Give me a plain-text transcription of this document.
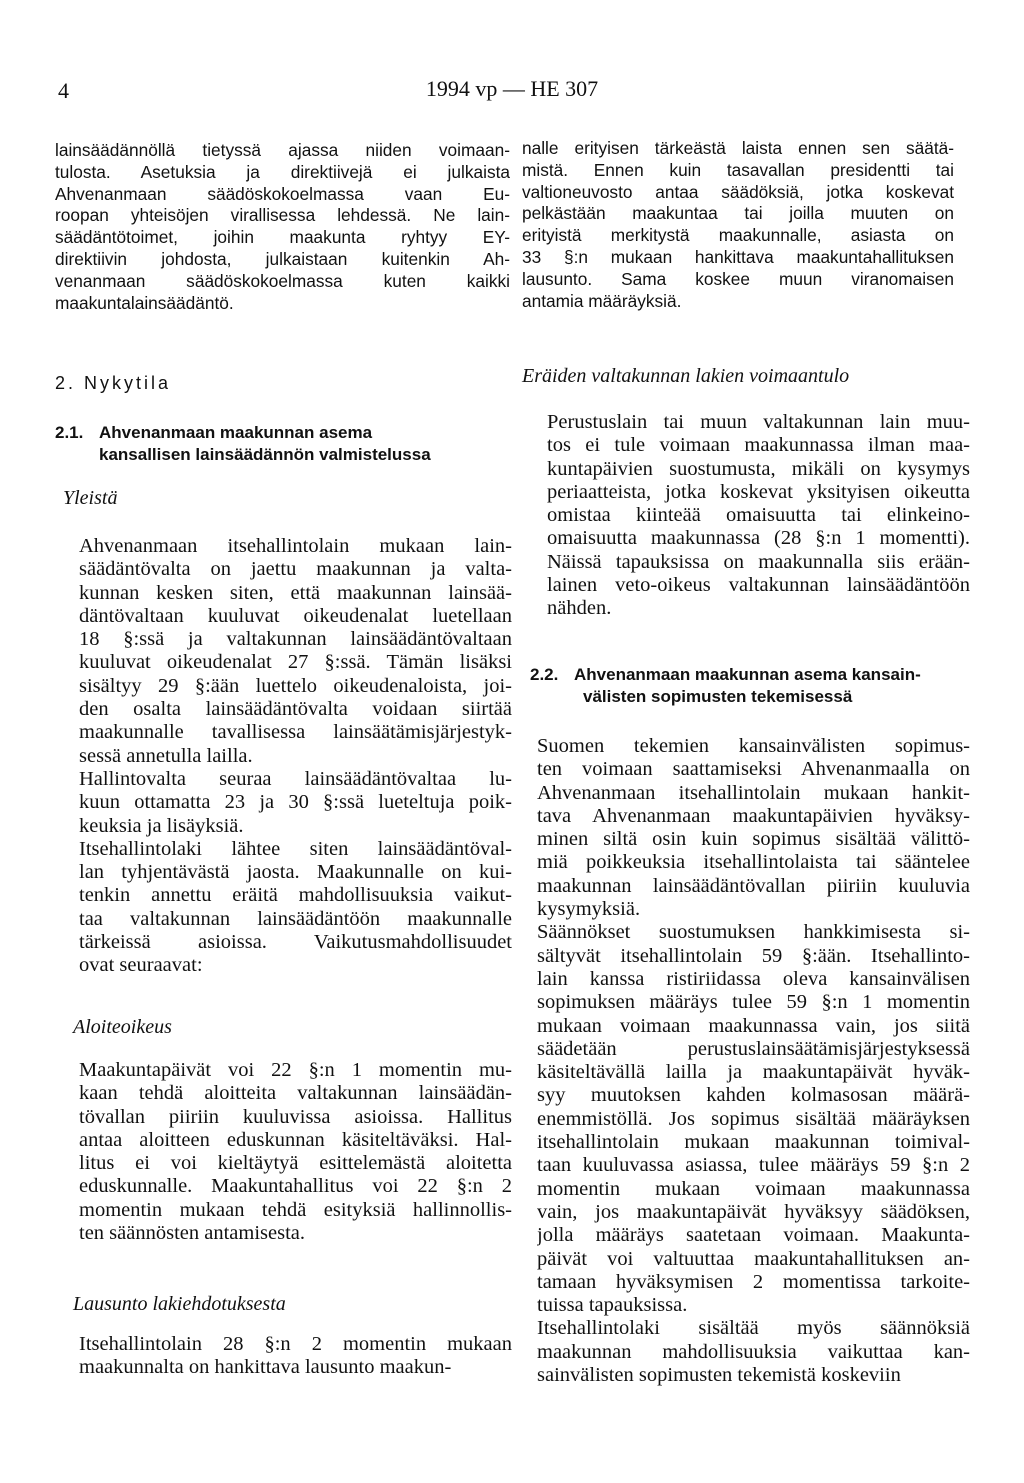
4	1994 vp — HE 307
lainsäädännöllä tietyssä ajassa niiden voimaan-
tulosta. Asetuksia ja direktiivejä ei julkaista
Ahvenanmaan säädöskokoelmassa vaan Eu-
roopan yhteisöjen virallisessa lehdessä. Ne lain-
säädäntötoimet, joihin maakunta ryhtyy EY-
direktiivin johdosta, julkaistaan kuitenkin Ah-
venanmaan säädöskokoelmassa kuten kaikki
maakuntalainsäädäntö.
2. Nykytila
2.1. Ahvenanmaan maakunnan asema
kansallisen lainsäädännön valmistelussa
Yleistä
Ahvenanmaan itsehallintolain mukaan lain-
säädäntövalta on jaettu maakunnan ja valta-
kunnan kesken siten, että maakunnan lainsää-
däntövaltaan kuuluvat oikeudenalat luetellaan
18 §:ssä ja valtakunnan lainsäädäntövaltaan
kuuluvat oikeudenalat 27 §:ssä. Tämän lisäksi
sisältyy 29 §:ään luettelo oikeudenaloista, joi-
den osalta lainsäädäntövalta voidaan siirtää
maakunnalle tavallisessa lainsäätämisjärjestyk-
sessä annetulla lailla.
Hallintovalta seuraa lainsäädäntövaltaa lu-
kuun ottamatta 23 ja 30 §:ssä lueteltuja poik-
keuksia ja lisäyksiä.
Itsehallintolaki lähtee siten lainsäädäntöval-
lan tyhjentävästä jaosta. Maakunnalle on kui-
tenkin annettu eräitä mahdollisuuksia vaikut-
taa valtakunnan lainsäädäntöön maakunnalle
tärkeissä asioissa. Vaikutusmahdollisuudet
ovat seuraavat:
Aloiteoikeus
Maakuntapäivät voi 22 §:n 1 momentin mu-
kaan tehdä aloitteita valtakunnan lainsäädän-
tövallan piiriin kuuluvissa asioissa. Hallitus
antaa aloitteen eduskunnan käsiteltäväksi. Hal-
litus ei voi kieltäytyä esittelemästä aloitetta
eduskunnalle. Maakuntahallitus voi 22 §:n 2
momentin mukaan tehdä esityksiä hallinnollis-
ten säännösten antamisesta.
Lausunto lakiehdotuksesta
Itsehallintolain 28 §:n 2 momentin mukaan
maakunnalta on hankittava lausunto maakun-
nalle erityisen tärkeästä laista ennen sen säätä-
mistä. Ennen kuin tasavallan presidentti tai
valtioneuvosto antaa säädöksiä, jotka koskevat
pelkästään maakuntaa tai joilla muuten on
erityistä merkitystä maakunnalle, asiasta on
33 §:n mukaan hankittava maakuntahallituksen
lausunto. Sama koskee muun viranomaisen
antamia määräyksiä.
Eräiden valtakunnan lakien voimaantulo
Perustuslain tai muun valtakunnan lain muu-
tos ei tule voimaan maakunnassa ilman maa-
kuntapäivien suostumusta, mikäli on kysymys
periaatteista, jotka koskevat yksityisen oikeutta
omistaa kiinteää omaisuutta tai elinkeino-
omaisuutta maakunnassa (28 §:n 1 momentti).
Näissä tapauksissa on maakunnalla siis erään-
lainen veto-oikeus valtakunnan lainsäädäntöön
nähden.
2.2. Ahvenanmaan maakunnan asema kansain-
välisten sopimusten tekemisessä
Suomen tekemien kansainvälisten sopimus-
ten voimaan saattamiseksi Ahvenanmaalla on
Ahvenanmaan itsehallintolain mukaan hankit-
tava Ahvenanmaan maakuntapäivien hyväksy-
minen siltä osin kuin sopimus sisältää välittö-
miä poikkeuksia itsehallintolaista tai sääntelee
maakunnan lainsäädäntövallan piiriin kuuluvia
kysymyksiä.
Säännökset suostumuksen hankkimisesta si-
sältyvät itsehallintolain 59 §:ään. Itsehallinto-
lain kanssa ristiriidassa oleva kansainvälisen
sopimuksen määräys tulee 59 §:n 1 momentin
mukaan voimaan maakunnassa vain, jos siitä
säädetään perustuslainsäätämisjärjestyksessä
käsiteltävällä lailla ja maakuntapäivät hyväk-
syy muutoksen kahden kolmasosan määrä-
enemmistöllä. Jos sopimus sisältää määräyksen
itsehallintolain mukaan maakunnan toimival-
taan kuuluvassa asiassa, tulee määräys 59 §:n 2
momentin mukaan voimaan maakunnassa
vain, jos maakuntapäivät hyväksyy säädöksen,
jolla määräys saatetaan voimaan. Maakunta-
päivät voi valtuuttaa maakuntahallituksen an-
tamaan hyväksymisen 2 momentissa tarkoite-
tuissa tapauksissa.
Itsehallintolaki sisältää myös säännöksiä
maakunnan mahdollisuuksia vaikuttaa kan-
sainvälisten sopimusten tekemistä koskeviin
